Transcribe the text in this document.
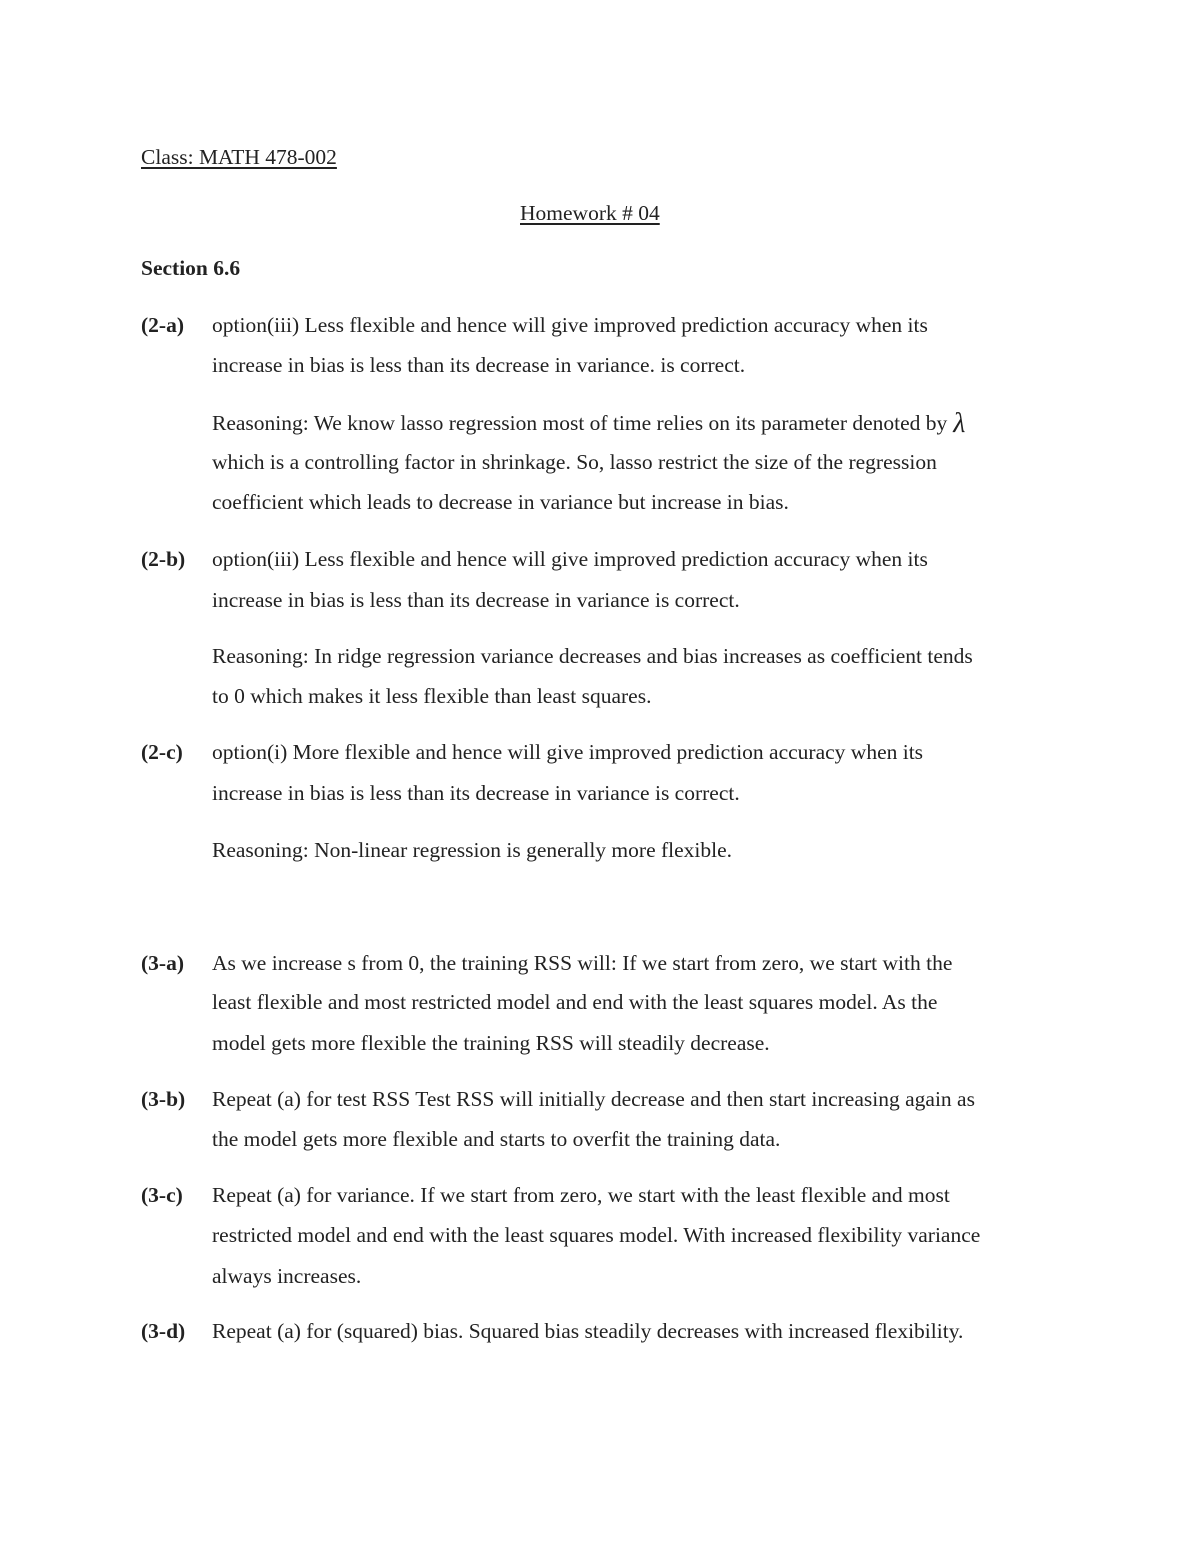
Class: MATH 478-002
Homework # 04
Section 6.6
(2-a) option(iii) Less flexible and hence will give improved prediction accuracy when its
increase in bias is less than its decrease in variance. is correct.
Reasoning: We know lasso regression most of time relies on its parameter denoted by λ
which is a controlling factor in shrinkage. So, lasso restrict the size of the regression
coefficient which leads to decrease in variance but increase in bias.
(2-b) option(iii) Less flexible and hence will give improved prediction accuracy when its
increase in bias is less than its decrease in variance is correct.
Reasoning: In ridge regression variance decreases and bias increases as coefficient tends
to 0 which makes it less flexible than least squares.
(2-c) option(i) More flexible and hence will give improved prediction accuracy when its
increase in bias is less than its decrease in variance is correct.
Reasoning: Non-linear regression is generally more flexible.
(3-a) As we increase s from 0, the training RSS will: If we start from zero, we start with the
least flexible and most restricted model and end with the least squares model. As the
model gets more flexible the training RSS will steadily decrease.
(3-b) Repeat (a) for test RSS Test RSS will initially decrease and then start increasing again as
the model gets more flexible and starts to overfit the training data.
(3-c) Repeat (a) for variance. If we start from zero, we start with the least flexible and most
restricted model and end with the least squares model. With increased flexibility variance
always increases.
(3-d) Repeat (a) for (squared) bias. Squared bias steadily decreases with increased flexibility.
